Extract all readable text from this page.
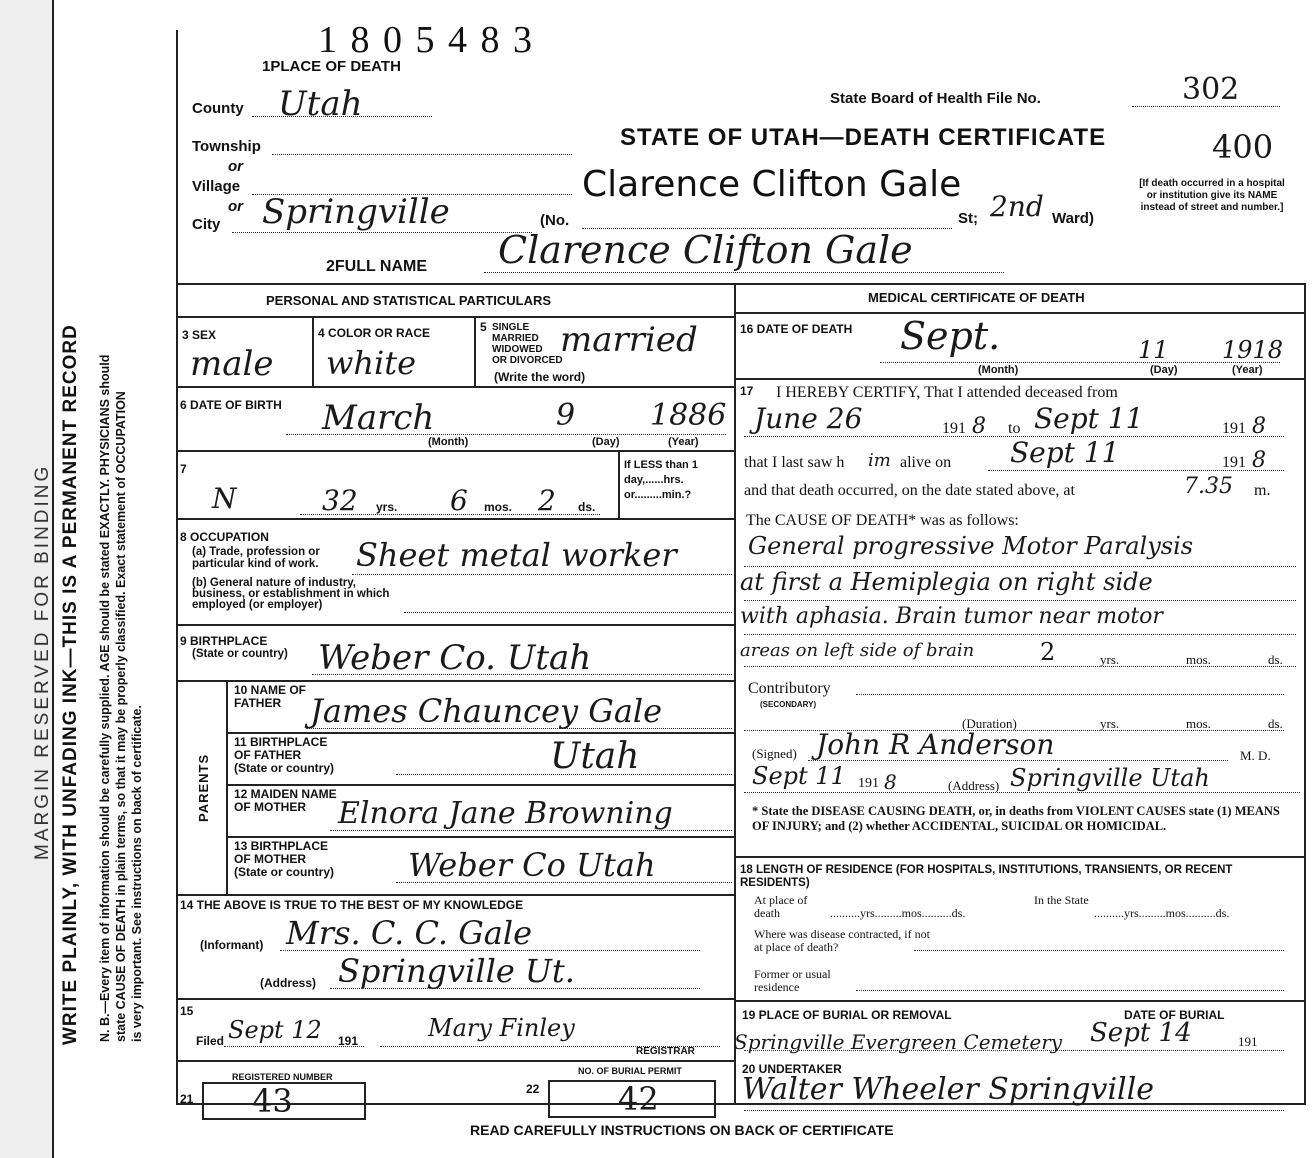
MARGIN RESERVED FOR BINDING WRITE PLAINLY, WITH UNFADING INK—THIS IS A PERMANENT RECORD N. B.—Every item of information should be carefully supplied. AGE should be stated EXACTLY. PHYSICIANS should state CAUSE OF DEATH in plain terms, so that it may be properly classified. Exact statement of OCCUPATION is very important. See instructions on back of certificate.
1 8 0 5 4 8 3
1PLACE OF DEATH
County Utah
Township
or
Village
or
City Springville	(No.	St; 2nd Ward)
[If death occurred in a hospital or institution give its NAME instead of street and number.]
State Board of Health File No.	302
STATE OF UTAH—DEATH CERTIFICATE	400
Clarence Clifton Gale
2FULL NAME Clarence Clifton Gale
PERSONAL AND STATISTICAL PARTICULARS
3 SEX
male
4 COLOR OR RACE
white
5 SINGLE
MARRIED
WIDOWED
OR DIVORCED
(Write the word)
married
6 DATE OF BIRTH March	9 1886
(Month)	(Day)	(Year)
7
N	32 yrs. 6 mos. 2 ds.
If LESS than 1 day,......hrs. or.........min.?
8 OCCUPATION
(a) Trade, profession or particular kind of work.	Sheet metal worker
(b) General nature of industry, business, or establishment in which employed (or employer)
9 BIRTHPLACE
(State or country) Weber Co. Utah
PARENTS
10 NAME OF
FATHER James Chauncey Gale
11 BIRTHPLACE
OF FATHER
(State or country)	Utah
12 MAIDEN NAME
OF MOTHER	Elnora Jane Browning
13 BIRTHPLACE
OF MOTHER
(State or country) Weber Co Utah
14 THE ABOVE IS TRUE TO THE BEST OF MY KNOWLEDGE
(Informant) Mrs. C. C. Gale
(Address) Springville Ut.
15
Filed Sept 12 191	Mary Finley
REGISTRAR
REGISTERED NUMBER
21 43
NO. OF BURIAL PERMIT
22 42
MEDICAL CERTIFICATE OF DEATH
16 DATE OF DEATH Sept.	11 1918
(Month)	(Day)	(Year)
17 I HEREBY CERTIFY, That I attended deceased from
June 26	191 8 to Sept 11	191 8
that I last saw h im alive on Sept 11	191 8
and that death occurred, on the date stated above, at	7.35 m.
The CAUSE OF DEATH* was as follows:
General progressive Motor Paralysis
at first a Hemiplegia on right side
with aphasia. Brain tumor near motor
areas on left side of brain	2	yrs.	mos.	ds.
Contributory
(SECONDARY)
(Duration)	yrs.	mos.	ds.
(Signed) John R Anderson	M. D.
Sept 11 191 8	(Address) Springville Utah
* State the DISEASE CAUSING DEATH, or, in deaths from VIOLENT CAUSES state (1) MEANS OF INJURY; and (2) whether ACCIDENTAL, SUICIDAL OR HOMICIDAL.
18 LENGTH OF RESIDENCE (FOR HOSPITALS, INSTITUTIONS, TRANSIENTS, OR RECENT RESIDENTS)
At place of death	..........yrs.........mos..........ds.
In the State
..........yrs.........mos..........ds.
Where was disease contracted, if not at place of death?
Former or usual residence
19 PLACE OF BURIAL OR REMOVAL	DATE OF BURIAL
Springville Evergreen Cemetery Sept 14	191
20 UNDERTAKER
Walter Wheeler Springville
READ CAREFULLY INSTRUCTIONS ON BACK OF CERTIFICATE
